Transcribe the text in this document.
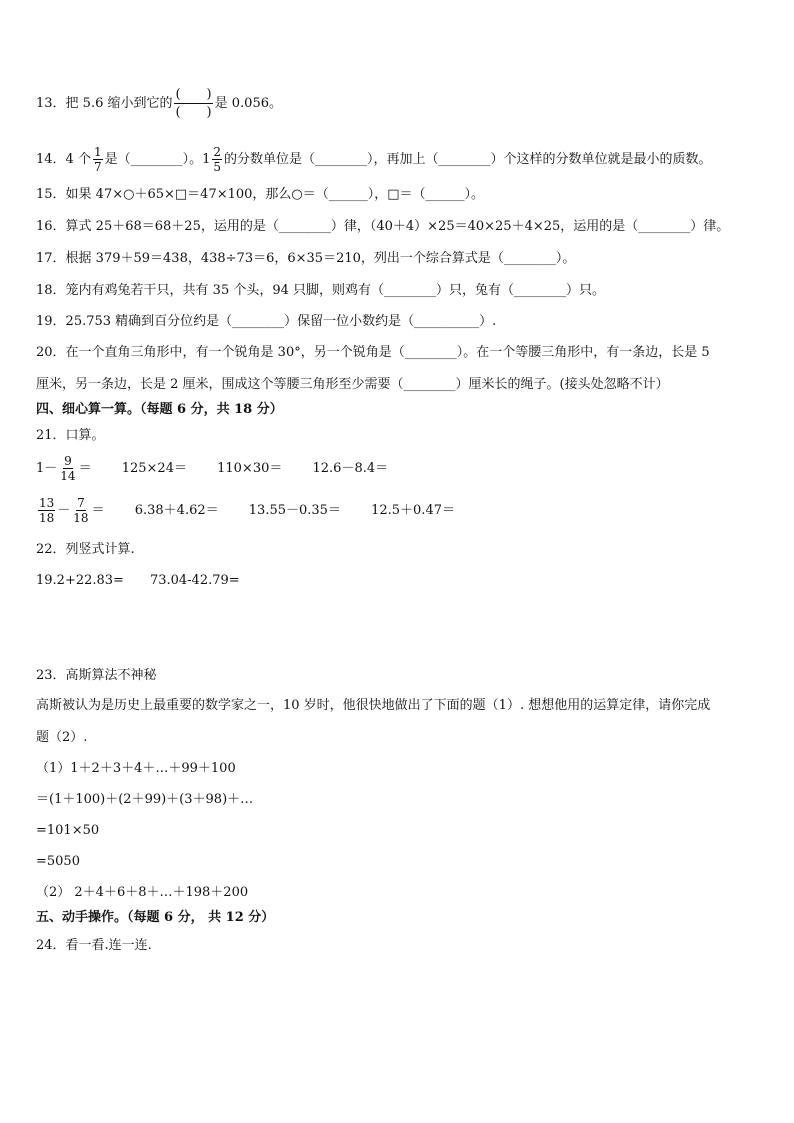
13．把 5.6 缩小到它的 $\frac{( )}{( )}$ 是 0.056。
14．4 个 $\frac{1}{7}$ 是（________）。 $1 \frac{2}{5}$ 的分数单位是（________），再加上（________）个这样的分数单位就是最小的质数。
15．如果 47×○＋65×□＝47×100，那么○＝（______），□＝（______）。
16．算式 25＋68＝68＋25，运用的是（________）律，（40＋4）×25＝40×25＋4×25，运用的是（________）律。
17．根据 379＋59＝438，438÷73＝6，6×35＝210，列出一个综合算式是（________）。
18．笼内有鸡兔若干只，共有 35 个头，94 只脚，则鸡有（________）只，兔有（________）只。
19．25.753 精确到百分位约是（________）保留一位小数约是（__________）.
20．在一个直角三角形中，有一个锐角是 30°，另一个锐角是（________）。在一个等腰三角形中，有一条边，长是 5
厘米，另一条边，长是 2 厘米，围成这个等腰三角形至少需要（________）厘米长的绳子。(接头处忽略不计）
四、细心算一算。（每题 6 分，共 18 分）
21．口算。
$1- \frac{9}{14} = 125\times 24= 110\times 30= 12.6-8.4=$
$\frac{13}{18} - \frac{7}{18} = 6.38+4.62= 13.55-0.35= 12.5+0.47=$
22．列竖式计算.
19.2+22.83= 73.04-42.79=
23．高斯算法不神秘
高斯被认为是历史上最重要的数学家之一，10 岁时，他很快地做出了下面的题（1）. 想想他用的运算定律，请你完成
题（2）.
（1）1＋2＋3＋4＋…＋99＋100
＝(1＋100)＋(2＋99)＋(3＋98)＋…
=101×50
=5050
（2） 2＋4＋6＋8＋…＋198＋200
五、动手操作。（每题 6 分， 共 12 分）
24．看一看.连一连.
